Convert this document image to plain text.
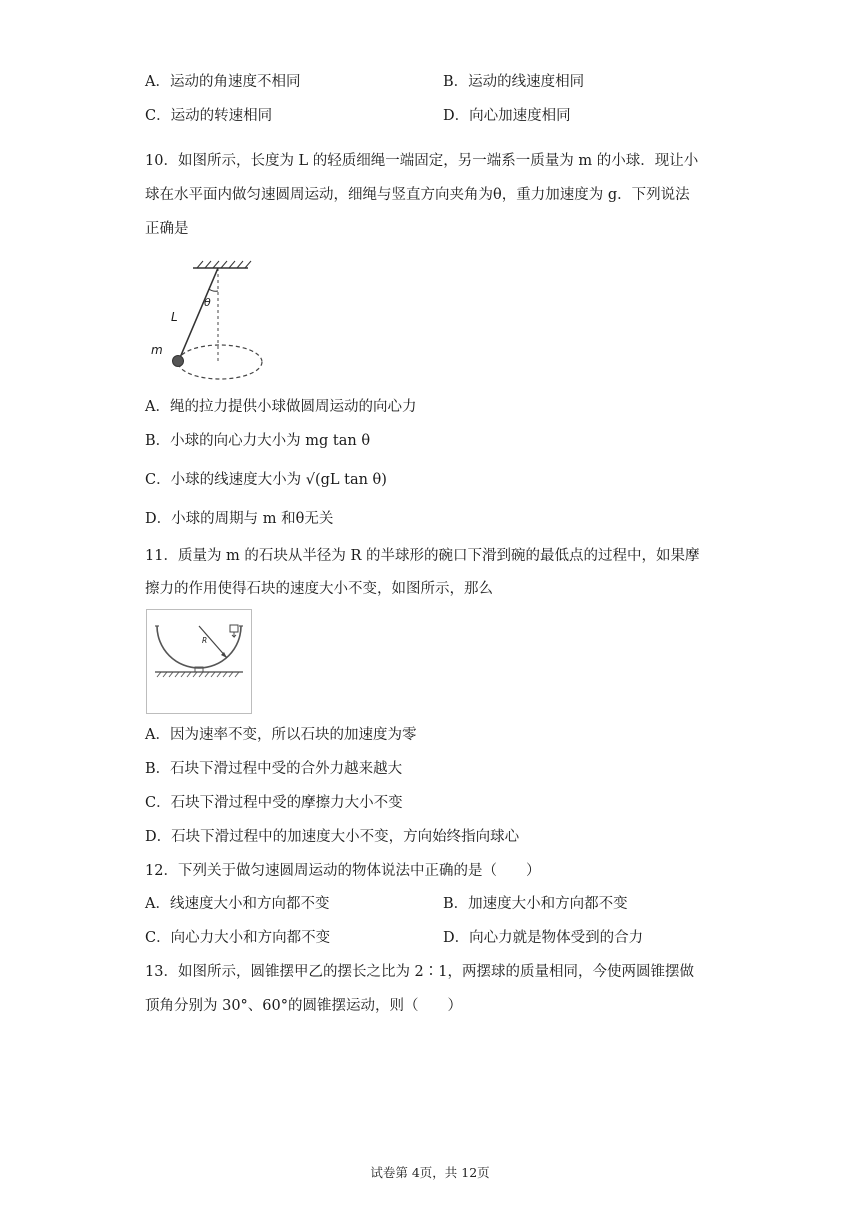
A．运动的角速度不相同	B．运动的线速度相同
C．运动的转速相同	D．向心加速度相同
10．如图所示，长度为 L 的轻质细绳一端固定，另一端系一质量为 m 的小球．现让小
球在水平面内做匀速圆周运动，细绳与竖直方向夹角为θ，重力加速度为 g．下列说法
正确是
θ
L
m
A．绳的拉力提供小球做圆周运动的向心力
B．小球的向心力大小为 mg tan θ
C．小球的线速度大小为 √(gL tan θ)
D．小球的周期与 m 和θ无关
11．质量为 m 的石块从半径为 R 的半球形的碗口下滑到碗的最低点的过程中，如果摩
擦力的作用使得石块的速度大小不变，如图所示，那么
R
A．因为速率不变，所以石块的加速度为零
B．石块下滑过程中受的合外力越来越大
C．石块下滑过程中受的摩擦力大小不变
D．石块下滑过程中的加速度大小不变，方向始终指向球心
12．下列关于做匀速圆周运动的物体说法中正确的是（　　）
A．线速度大小和方向都不变	B．加速度大小和方向都不变
C．向心力大小和方向都不变	D．向心力就是物体受到的合力
13．如图所示，圆锥摆甲乙的摆长之比为 2∶1，两摆球的质量相同，今使两圆锥摆做
顶角分别为 30°、60°的圆锥摆运动，则（　　）
试卷第 4页，共 12页
